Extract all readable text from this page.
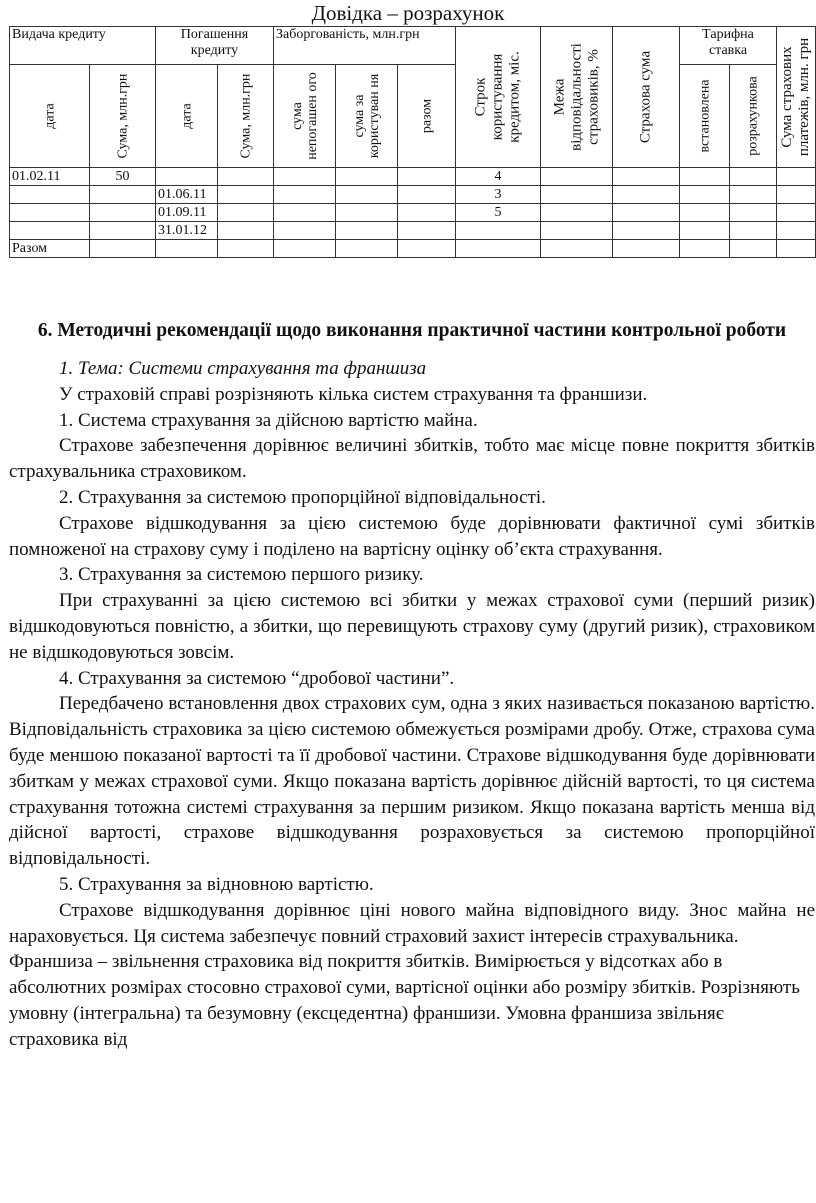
Довідка – розрахунок
Видача кредиту		Погашення кредиту		Заборгованість, млн.грн			Строк користування кредитом, міс.	Межа відповідальності страховиків, %	Страхова сума	Тарифна ставка		Сума страхових платежів, млн. грн

дата	Сума, млн.грн	дата	Сума, млн.грн	сума непогашен ого	сума за користуван ня	разом				встановлена	розрахункова	

01.02.11	50						4					
		01.06.11					3					
		01.09.11					5					
		31.01.12										
Разом												

6. Методичні рекомендації щодо виконання практичної частини контрольної роботи

1. Тема: Системи страхування та франшиза

У страховій справі розрізняють кілька систем страхування та франшизи.

1. Система страхування за дійсною вартістю майна.

Страхове забезпечення дорівнює величині збитків, тобто має місце повне покриття збитків страхувальника страховиком.

2. Страхування за системою пропорційної відповідальності.

Страхове відшкодування за цією системою буде дорівнювати фактичної сумі збитків помноженої на страхову суму і поділено на вартісну оцінку об’єкта страхування.

3. Страхування за системою першого ризику.

При страхуванні за цією системою всі збитки у межах страхової суми (перший ризик) відшкодовуються повністю, а збитки, що перевищують страхову суму (другий ризик), страховиком не відшкодовуються зовсім.

4. Страхування за системою “дробової частини”.

Передбачено встановлення двох страхових сум, одна з яких називається показаною вартістю. Відповідальність страховика за цією системою обмежується розмірами дробу. Отже, страхова сума буде меншою показаної вартості та її дробової частини. Страхове відшкодування буде дорівнювати збиткам у межах страхової суми. Якщо показана вартість дорівнює дійсній вартості, то ця система страхування тотожна системі страхування за першим ризиком. Якщо показана вартість менша від дійсної вартості, страхове відшкодування розраховується за системою пропорційної відповідальності.

5. Страхування за відновною вартістю.

Страхове відшкодування дорівнює ціні нового майна відповідного виду. Знос майна не нараховується. Ця система забезпечує повний страховий захист інтересів страхувальника.

Франшиза – звільнення страховика від покриття збитків. Вимірюється у відсотках або в абсолютних розмірах стосовно страхової суми, вартісної оцінки або розміру збитків. Розрізняють умовну (інтегральна) та безумовну (ексцедентна) франшизи. Умовна франшиза звільняє страховика від
